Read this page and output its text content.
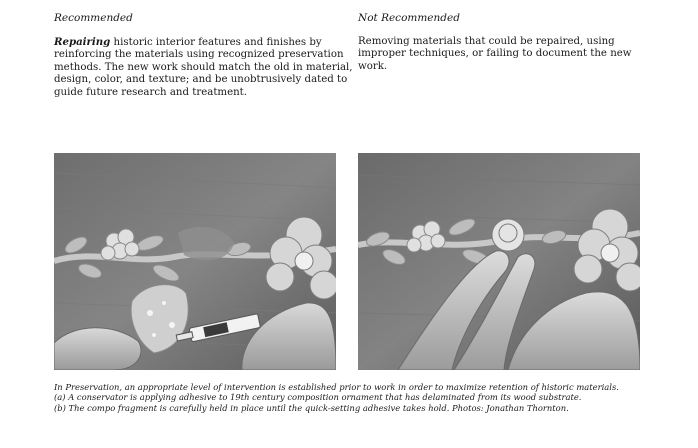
Recommended

Repairing historic interior features and finishes by reinforcing the materials using recognized preservation methods. The new work should match the old in material, design, color, and texture; and be unobtrusively dated to guide future research and treatment.

Not Recommended

Removing materials that could be repaired, using improper techniques, or failing to document the new work.

In Preservation, an appropriate level of intervention is established prior to work in order to maximize retention of historic materials.
(a) A conservator is applying adhesive to 19th century composition ornament that has delaminated from its wood substrate.
(b) The compo fragment is carefully held in place until the quick-setting adhesive takes hold. Photos: Jonathan Thornton.
